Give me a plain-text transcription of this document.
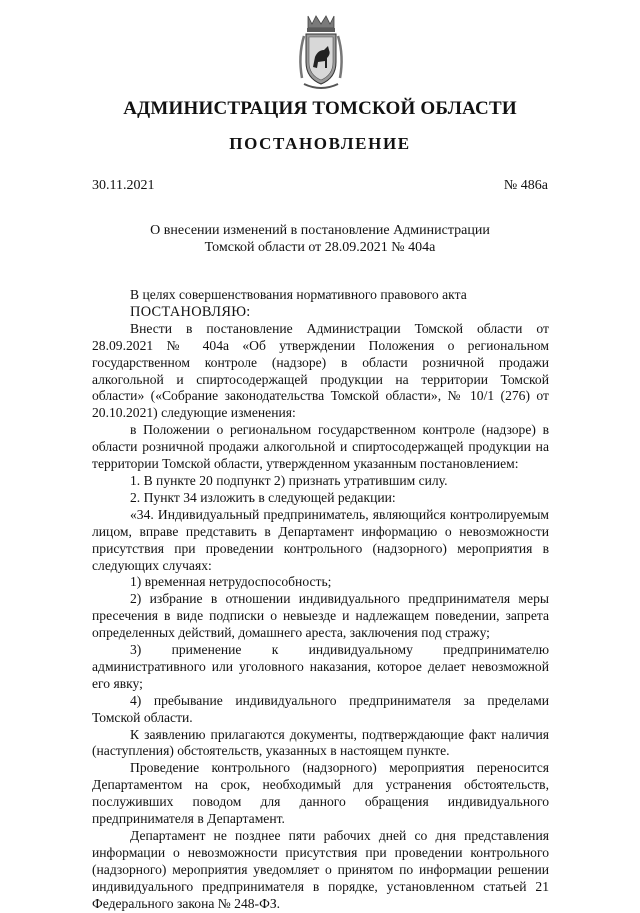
АДМИНИСТРАЦИЯ ТОМСКОЙ ОБЛАСТИ
ПОСТАНОВЛЕНИЕ
30.11.2021	№ 486а
О внесении изменений в постановление Администрации
Томской области от 28.09.2021 № 404а

В целях совершенствования нормативного правового акта

ПОСТАНОВЛЯЮ:

Внести в постановление Администрации Томской области от 28.09.2021 № 404а «Об утверждении Положения о региональном государственном контроле (надзоре) в области розничной продажи алкогольной и спиртосодержащей продукции на территории Томской области» («Собрание законодательства Томской области», № 10/1 (276) от 20.10.2021) следующие изменения:

в Положении о региональном государственном контроле (надзоре) в области розничной продажи алкогольной и спиртосодержащей продукции на территории Томской области, утвержденном указанным постановлением:

1. В пункте 20 подпункт 2) признать утратившим силу.

2. Пункт 34 изложить в следующей редакции:

«34. Индивидуальный предприниматель, являющийся контролируемым лицом, вправе представить в Департамент информацию о невозможности присутствия при проведении контрольного (надзорного) мероприятия в следующих случаях:

1) временная нетрудоспособность;

2) избрание в отношении индивидуального предпринимателя меры пресечения в виде подписки о невыезде и надлежащем поведении, запрета определенных действий, домашнего ареста, заключения под стражу;

3) применение к индивидуальному предпринимателю административного или уголовного наказания, которое делает невозможной его явку;

4) пребывание индивидуального предпринимателя за пределами Томской области.

К заявлению прилагаются документы, подтверждающие факт наличия (наступления) обстоятельств, указанных в настоящем пункте.

Проведение контрольного (надзорного) мероприятия переносится Департаментом на срок, необходимый для устранения обстоятельств, послуживших поводом для данного обращения индивидуального предпринимателя в Департамент.

Департамент не позднее пяти рабочих дней со дня представления информации о невозможности присутствия при проведении контрольного (надзорного) мероприятия уведомляет о принятом по информации решении индивидуального предпринимателя в порядке, установленном статьей 21 Федерального закона № 248-ФЗ.
